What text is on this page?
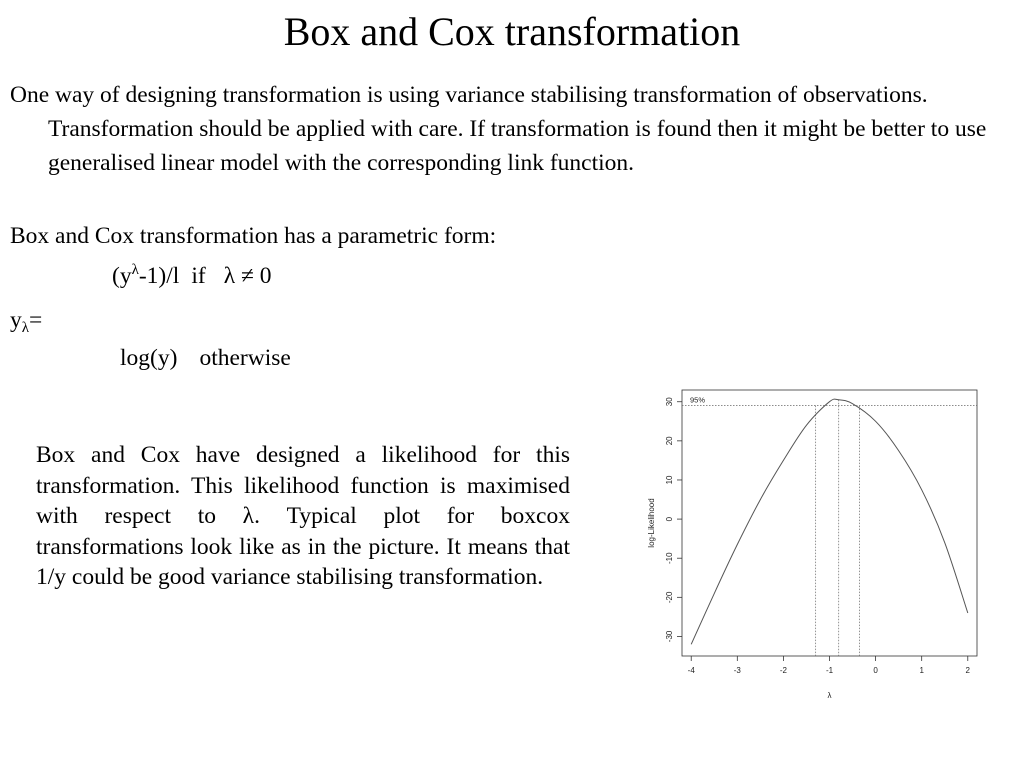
Box and Cox transformation

One way of designing transformation is using variance stabilising transformation of observations. Transformation should be applied with care. If transformation is found then it might be better to use generalised linear model with the corresponding link function.

Box and Cox transformation has a parametric form:
$(y^\lambda-1)/l$ if λ ≠ 0
$y_\lambda=$
log(y) otherwise

Box and Cox have designed a likelihood for this transformation. This likelihood function is maximised with respect to λ. Typical plot for boxcox transformations look like as in the picture. It means that 1/y could be good variance stabilising transformation.

-4	-3	-2	-1	0	1	2
-30
-20
-10
0
10
20
30
λ
log-Likelihood
95%
